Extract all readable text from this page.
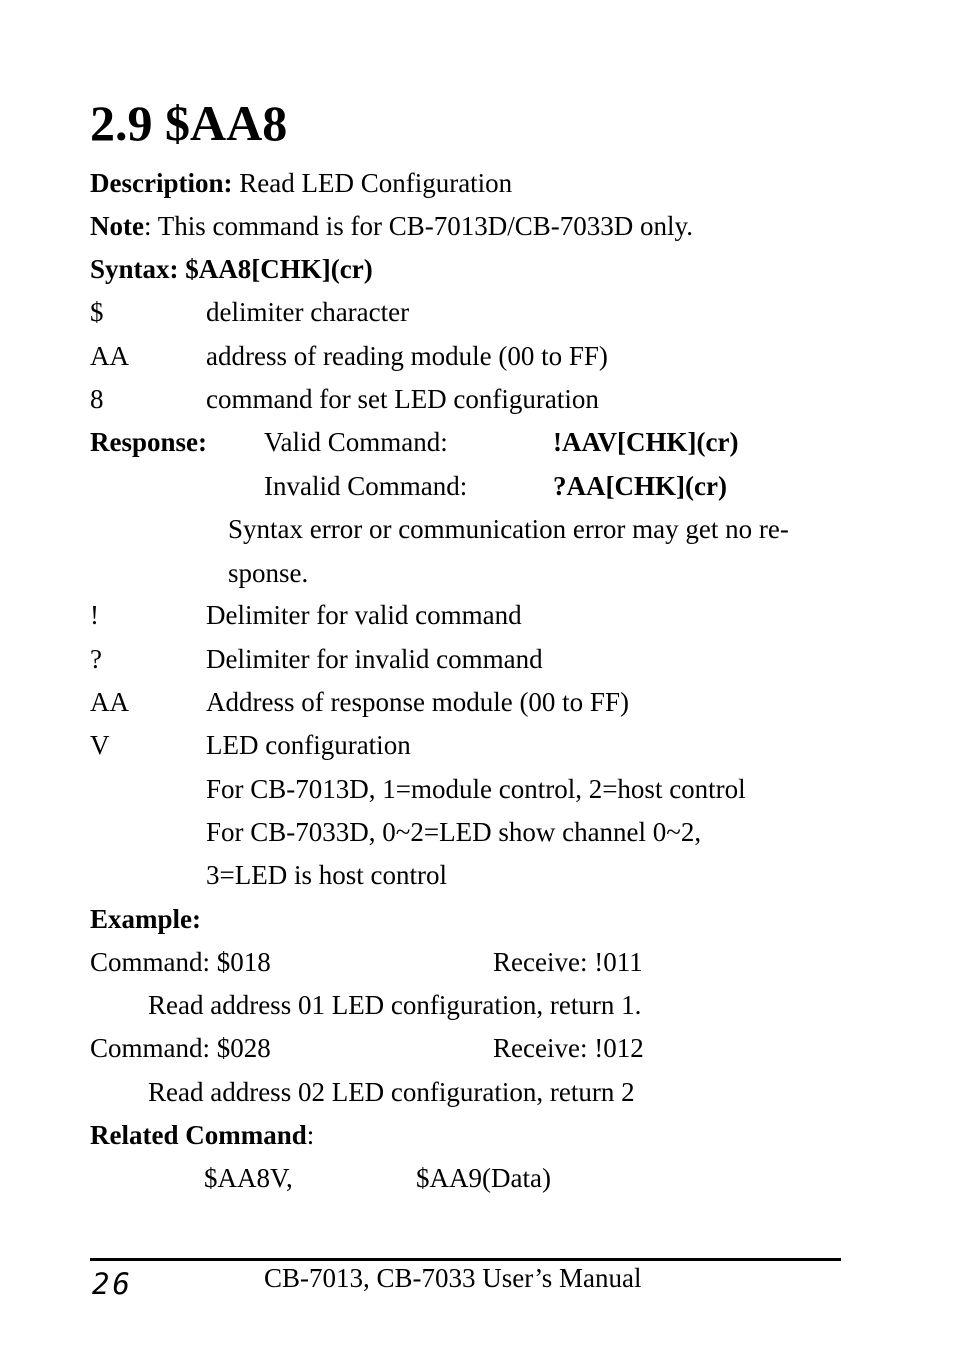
2.9 $AA8
Description: Read LED Configuration
Note: This command is for CB-7013D/CB-7033D only.
Syntax: $AA8[CHK](cr)
$	delimiter character
AA	address of reading module (00 to FF)
8	command for set LED configuration
Response: Valid Command:	!AAV[CHK](cr)
Invalid Command:	?AA[CHK](cr)
Syntax error or communication error may get no re-
sponse.
!	Delimiter for valid command
?	Delimiter for invalid command
AA	Address of response module (00 to FF)
V	LED configuration
For CB-7013D, 1=module control, 2=host control
For CB-7033D, 0~2=LED show channel 0~2,
3=LED is host control
Example:
Command: $018	Receive: !011
Read address 01 LED configuration, return 1.
Command: $028	Receive: !012
Read address 02 LED configuration, return 2
Related Command:
$AA8V,	$AA9(Data)
26	CB-7013, CB-7033 User’s Manual
